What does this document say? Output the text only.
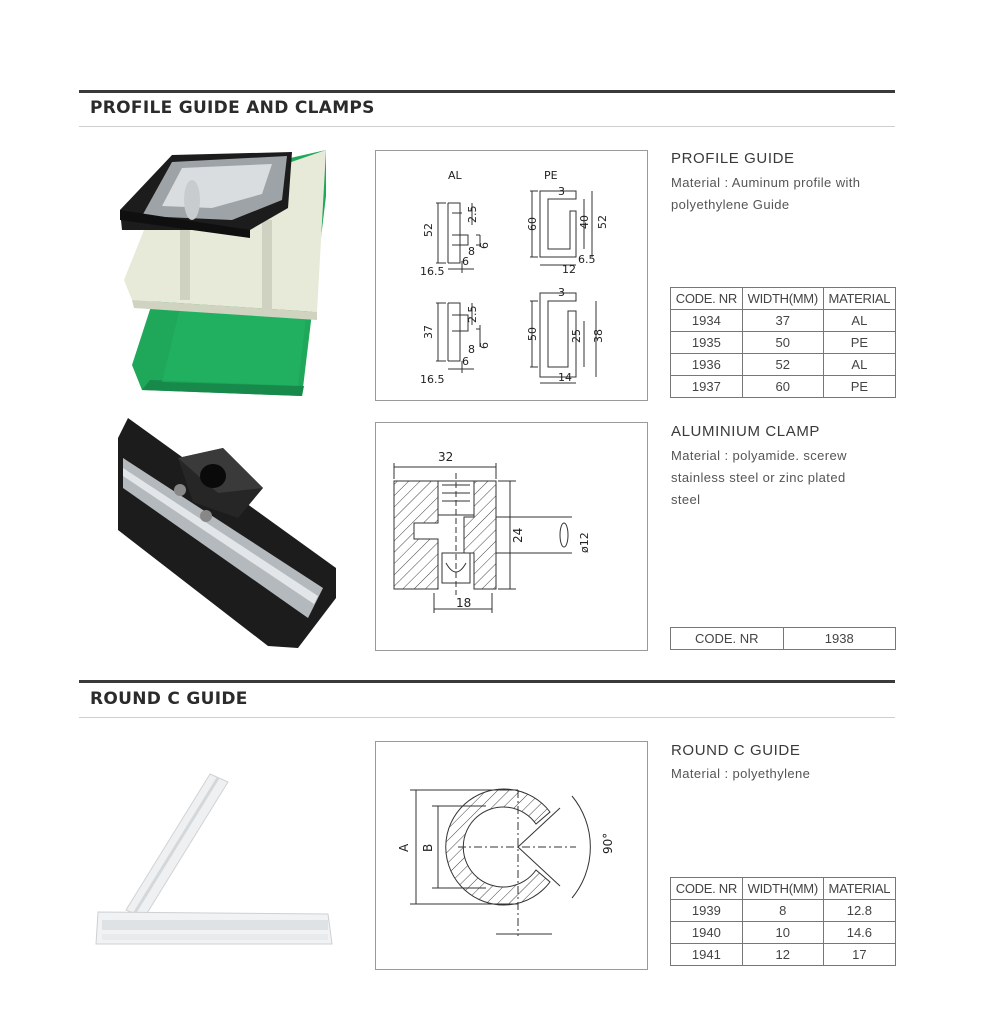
PROFILE GUIDE AND CLAMPS
AL	PE
52
2.5
8 6
6
16.5
37
2.5
8 6
6
16.5
3
60	40 52
12
6.5
3
50	25 38
14
PROFILE GUIDE
Material : Auminum profile with
polyethylene Guide
CODE. NR	WIDTH(MM)	MATERIAL
1934	37	AL
1935	50	PE
1936	52	AL
1937	60	PE
32
24
18
ø12
ALUMINIUM CLAMP
Material : polyamide. scerew
stainless steel or zinc plated
steel
CODE. NR	1938
ROUND C GUIDE
A B	90°
ROUND C GUIDE
Material : polyethylene
CODE. NR	WIDTH(MM)	MATERIAL
1939	8	12.8
1940	10	14.6
1941	12	17
